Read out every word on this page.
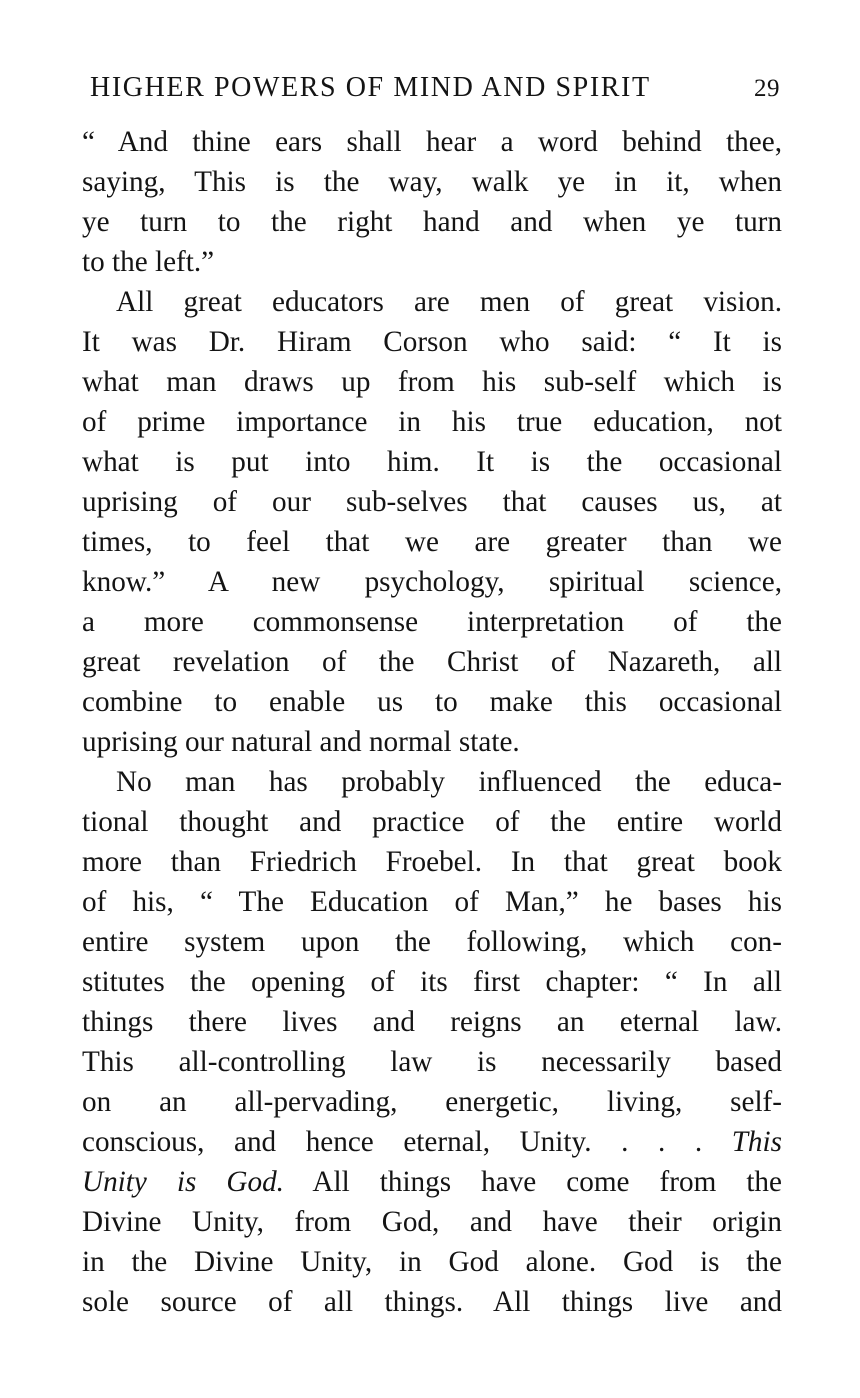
HIGHER POWERS OF MIND AND SPIRIT	29
“ And thine ears shall hear a word behind thee,
saying, This is the way, walk ye in it, when
ye turn to the right hand and when ye turn
to the left.”
All great educators are men of great vision.
It was Dr. Hiram Corson who said: “ It is
what man draws up from his sub-self which is
of prime importance in his true education, not
what is put into him. It is the occasional
uprising of our sub-selves that causes us, at
times, to feel that we are greater than we
know.” A new psychology, spiritual science,
a more commonsense interpretation of the
great revelation of the Christ of Nazareth, all
combine to enable us to make this occasional
uprising our natural and normal state.
No man has probably influenced the educa-
tional thought and practice of the entire world
more than Friedrich Froebel. In that great book
of his, “ The Education of Man,” he bases his
entire system upon the following, which con-
stitutes the opening of its first chapter: “ In all
things there lives and reigns an eternal law.
This all-controlling law is necessarily based
on an all-pervading, energetic, living, self-
conscious, and hence eternal, Unity. . . . This
Unity is God. All things have come from the
Divine Unity, from God, and have their origin
in the Divine Unity, in God alone. God is the
sole source of all things. All things live and
